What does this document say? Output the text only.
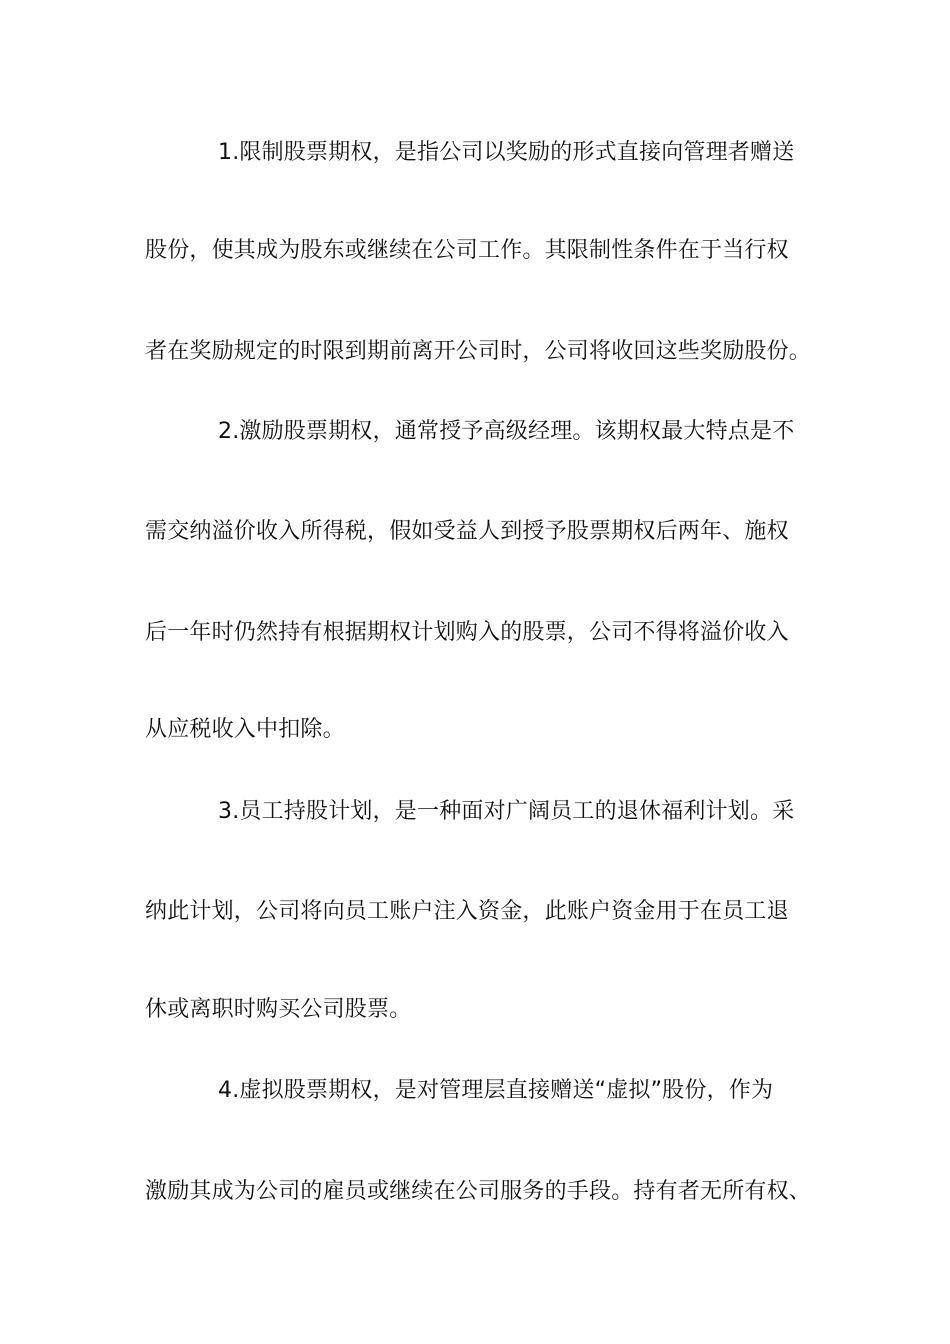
1.限制股票期权，是指公司以奖励的形式直接向管理者赠送
股份，使其成为股东或继续在公司工作。其限制性条件在于当行权
者在奖励规定的时限到期前离开公司时，公司将收回这些奖励股份。
2.激励股票期权，通常授予高级经理。该期权最大特点是不
需交纳溢价收入所得税，假如受益人到授予股票期权后两年、施权
后一年时仍然持有根据期权计划购入的股票，公司不得将溢价收入
从应税收入中扣除。
3.员工持股计划，是一种面对广阔员工的退休福利计划。采
纳此计划，公司将向员工账户注入资金，此账户资金用于在员工退
休或离职时购买公司股票。
4.虚拟股票期权，是对管理层直接赠送“虚拟”股份，作为
激励其成为公司的雇员或继续在公司服务的手段。持有者无所有权、
